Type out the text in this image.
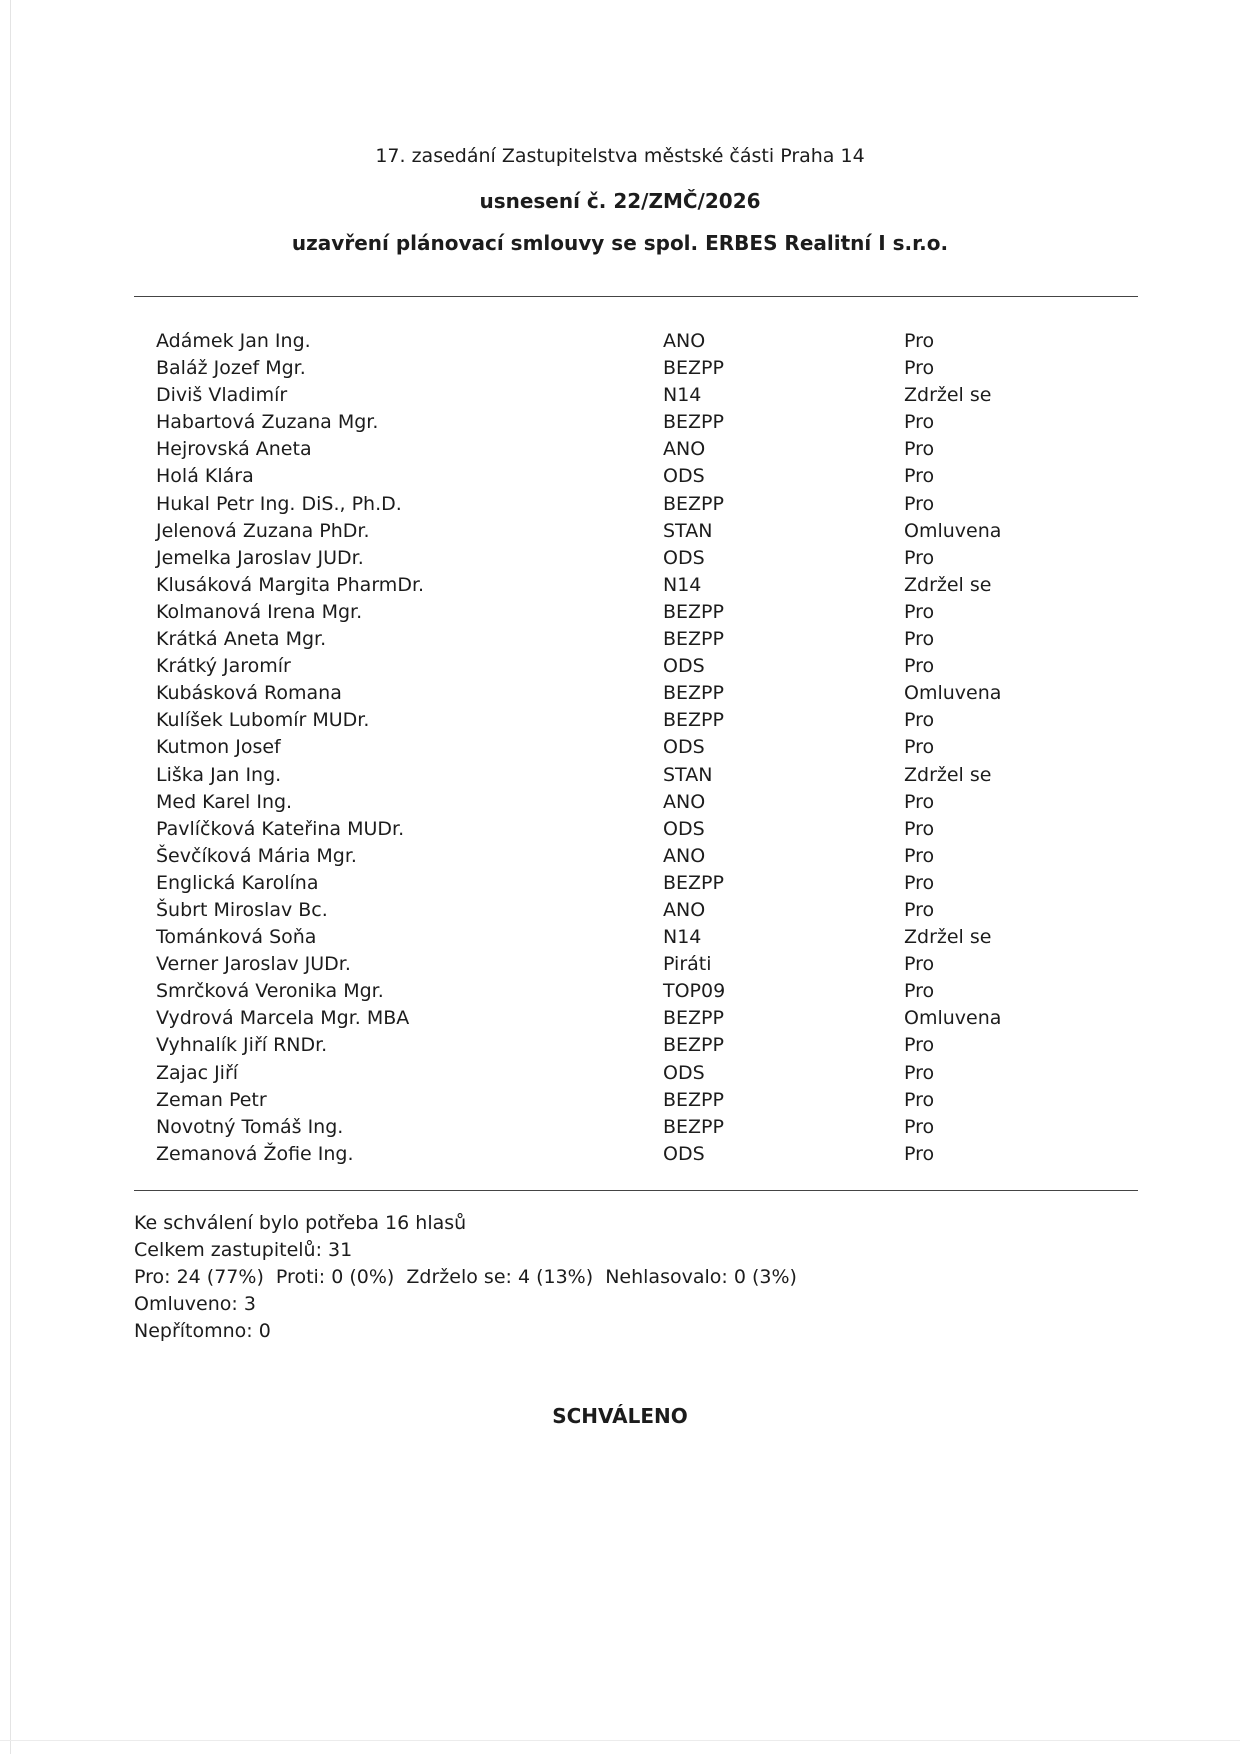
17. zasedání Zastupitelstva městské části Praha 14
usnesení č. 22/ZMČ/2026
uzavření plánovací smlouvy se spol. ERBES Realitní I s.r.o.
Adámek Jan Ing.	ANO	Pro
Baláž Jozef Mgr.	BEZPP	Pro
Diviš Vladimír	N14	Zdržel se
Habartová Zuzana Mgr.	BEZPP	Pro
Hejrovská Aneta	ANO	Pro
Holá Klára	ODS	Pro
Hukal Petr Ing. DiS., Ph.D.	BEZPP	Pro
Jelenová Zuzana PhDr.	STAN	Omluvena
Jemelka Jaroslav JUDr.	ODS	Pro
Klusáková Margita PharmDr.	N14	Zdržel se
Kolmanová Irena Mgr.	BEZPP	Pro
Krátká Aneta Mgr.	BEZPP	Pro
Krátký Jaromír	ODS	Pro
Kubásková Romana	BEZPP	Omluvena
Kulíšek Lubomír MUDr.	BEZPP	Pro
Kutmon Josef	ODS	Pro
Liška Jan Ing.	STAN	Zdržel se
Med Karel Ing.	ANO	Pro
Pavlíčková Kateřina MUDr.	ODS	Pro
Ševčíková Mária Mgr.	ANO	Pro
Englická Karolína	BEZPP	Pro
Šubrt Miroslav Bc.	ANO	Pro
Tománková Soňa	N14	Zdržel se
Verner Jaroslav JUDr.	Piráti	Pro
Smrčková Veronika Mgr.	TOP09	Pro
Vydrová Marcela Mgr. MBA	BEZPP	Omluvena
Vyhnalík Jiří RNDr.	BEZPP	Pro
Zajac Jiří	ODS	Pro
Zeman Petr	BEZPP	Pro
Novotný Tomáš Ing.	BEZPP	Pro
Zemanová Žofie Ing.	ODS	Pro
Ke schválení bylo potřeba 16 hlasů
Celkem zastupitelů: 31
Pro: 24 (77%)  Proti: 0 (0%)  Zdrželo se: 4 (13%)  Nehlasovalo: 0 (3%)
Omluveno: 3
Nepřítomno: 0
SCHVÁLENO
